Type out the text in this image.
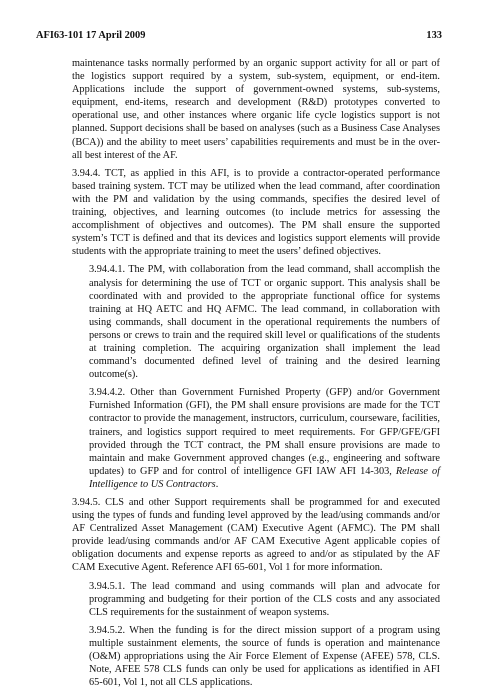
AFI63-101 17 April 2009	133

maintenance tasks normally performed by an organic support activity for all or part of the logistics support required by a system, sub-system, equipment, or end-item. Applications include the support of government-owned systems, sub-systems, equipment, end-items, research and development (R&D) prototypes converted to operational use, and other instances where organic life cycle logistics support is not planned. Support decisions shall be based on analyses (such as a Business Case Analyses (BCA)) and the ability to meet users’ capabilities requirements and must be in the over-all best interest of the AF.

3.94.4. TCT, as applied in this AFI, is to provide a contractor-operated performance based training system. TCT may be utilized when the lead command, after coordination with the PM and validation by the using commands, specifies the desired level of training, objectives, and learning outcomes (to include metrics for assessing the accomplishment of objectives and outcomes). The PM shall ensure the supported system’s TCT is defined and that its devices and logistics support elements will provide students with the appropriate training to meet the users’ defined objectives.

3.94.4.1. The PM, with collaboration from the lead command, shall accomplish the analysis for determining the use of TCT or organic support. This analysis shall be coordinated with and provided to the appropriate functional office for systems training at HQ AETC and HQ AFMC. The lead command, in collaboration with using commands, shall document in the operational requirements the numbers of persons or crews to train and the required skill level or qualifications of the students at training completion. The acquiring organization shall implement the lead command’s documented defined level of training and the desired learning outcome(s).

3.94.4.2. Other than Government Furnished Property (GFP) and/or Government Furnished Information (GFI), the PM shall ensure provisions are made for the TCT contractor to provide the management, instructors, curriculum, courseware, facilities, trainers, and logistics support required to meet requirements. For GFP/GFE/GFI provided through the TCT contract, the PM shall ensure provisions are made to maintain and make Government approved changes (e.g., engineering and software updates) to GFP and for control of intelligence GFI IAW AFI 14-303, Release of Intelligence to US Contractors.

3.94.5. CLS and other Support requirements shall be programmed for and executed using the types of funds and funding level approved by the lead/using commands and/or AF Centralized Asset Management (CAM) Executive Agent (AFMC). The PM shall provide lead/using commands and/or AF CAM Executive Agent applicable copies of obligation documents and expense reports as agreed to and/or as stipulated by the AF CAM Executive Agent. Reference AFI 65-601, Vol 1 for more information.

3.94.5.1. The lead command and using commands will plan and advocate for programming and budgeting for their portion of the CLS costs and any associated CLS requirements for the sustainment of weapon systems.

3.94.5.2. When the funding is for the direct mission support of a program using multiple sustainment elements, the source of funds is operation and maintenance (O&M) appropriations using the Air Force Element of Expense (AFEE) 578, CLS. Note, AFEE 578 CLS funds can only be used for applications as identified in AFI 65-601, Vol 1, not all CLS applications.
